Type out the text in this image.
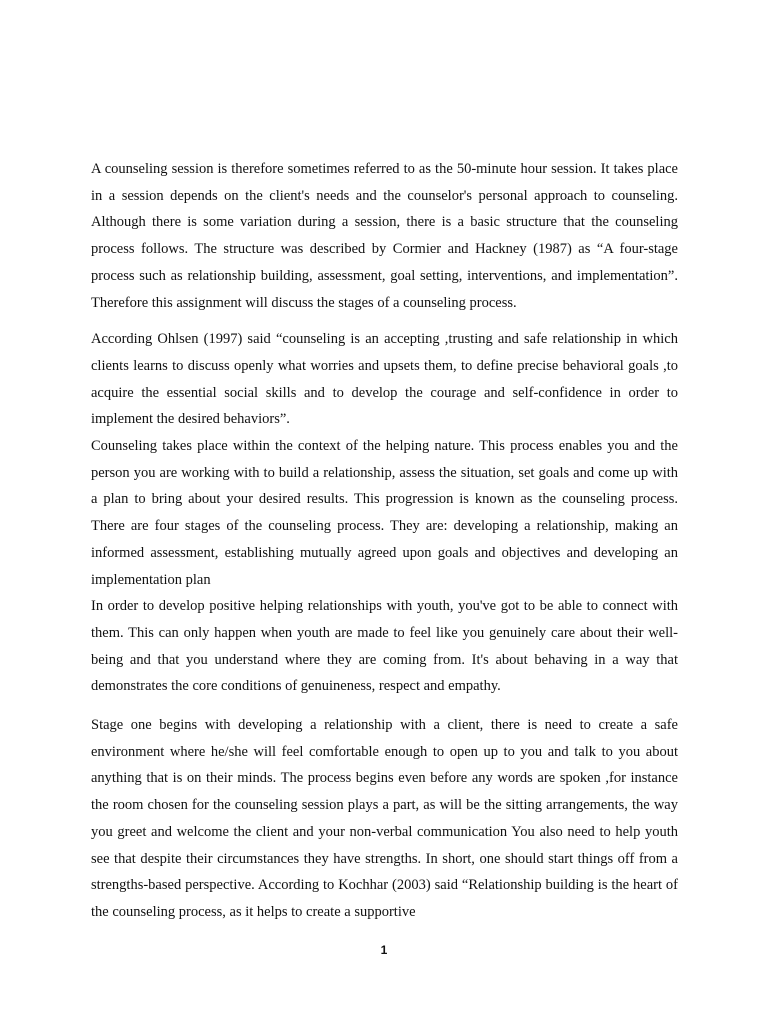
A counseling session is therefore sometimes referred to as the 50-minute hour session. It takes place in a session depends on the client's needs and the counselor's personal approach to counseling. Although there is some variation during a session, there is a basic structure that the counseling process follows. The structure was described by Cormier and Hackney (1987) as “A four-stage process such as relationship building, assessment, goal setting, interventions, and implementation”. Therefore this assignment will discuss the stages of a counseling process.

According Ohlsen (1997) said “counseling is an accepting ,trusting and safe relationship in which clients learns to discuss openly what worries and upsets them, to define precise behavioral goals ,to acquire the essential social skills and to develop the courage and self-confidence in order to implement the desired behaviors”.

Counseling takes place within the context of the helping nature. This process enables you and the person you are working with to build a relationship, assess the situation, set goals and come up with a plan to bring about your desired results. This progression is known as the counseling process. There are four stages of the counseling process. They are: developing a relationship, making an informed assessment, establishing mutually agreed upon goals and objectives and developing an implementation plan

In order to develop positive helping relationships with youth, you've got to be able to connect with them. This can only happen when youth are made to feel like you genuinely care about their well-being and that you understand where they are coming from. It's about behaving in a way that demonstrates the core conditions of genuineness, respect and empathy.

Stage one begins with developing a relationship with a client, there is need to create a safe environment where he/she will feel comfortable enough to open up to you and talk to you about anything that is on their minds. The process begins even before any words are spoken ,for instance the room chosen for the counseling session plays a part, as will be the sitting arrangements, the way you greet and welcome the client and your non-verbal communication You also need to help youth see that despite their circumstances they have strengths. In short, one should start things off from a strengths-based perspective. According to Kochhar (2003) said “Relationship building is the heart of the counseling process, as it helps to create a supportive

1
